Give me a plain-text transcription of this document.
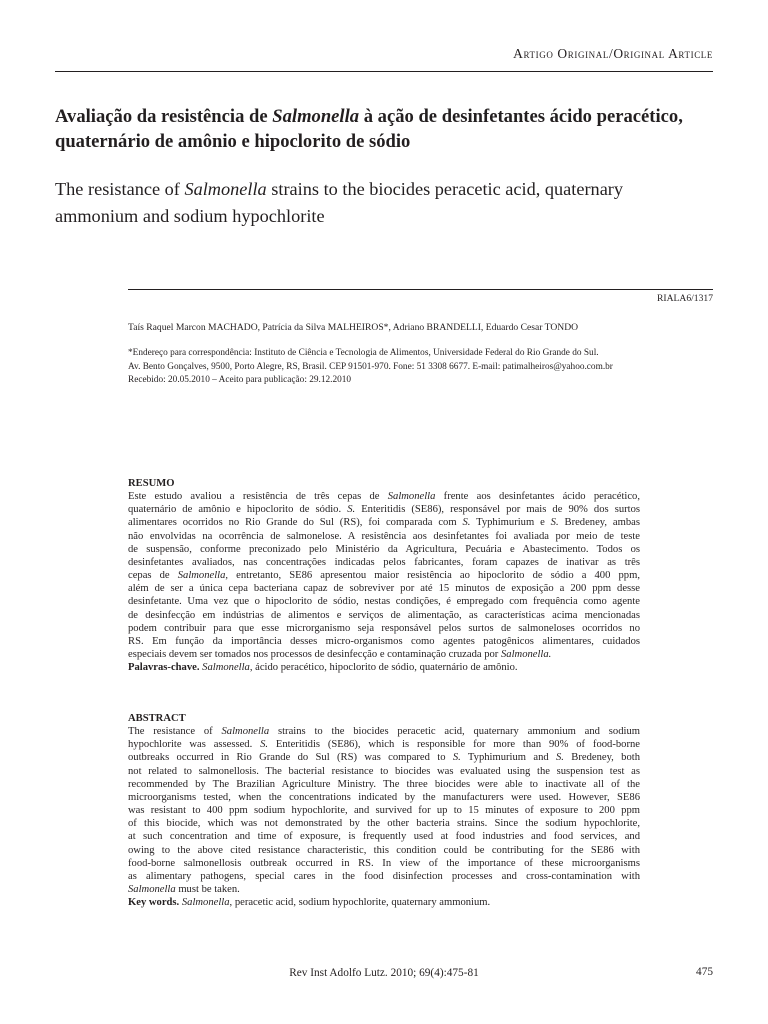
Artigo Original/Original Article
Avaliação da resistência de Salmonella à ação de desinfetantes ácido peracético,
quaternário de amônio e hipoclorito de sódio
The resistance of Salmonella strains to the biocides peracetic acid, quaternary
ammonium and sodium hypochlorite
RIALA6/1317
Taís Raquel Marcon MACHADO, Patrícia da Silva MALHEIROS*, Adriano BRANDELLI, Eduardo Cesar TONDO
*Endereço para correspondência: Instituto de Ciência e Tecnologia de Alimentos, Universidade Federal do Rio Grande do Sul.
Av. Bento Gonçalves, 9500, Porto Alegre, RS, Brasil. CEP 91501-970. Fone: 51 3308 6677. E-mail: patimalheiros@yahoo.com.br
Recebido: 20.05.2010 – Aceito para publicação: 29.12.2010
RESUMO
Este estudo avaliou a resistência de três cepas de Salmonella frente aos desinfetantes ácido peracético,
quaternário de amônio e hipoclorito de sódio. S. Enteritidis (SE86), responsável por mais de 90% dos surtos
alimentares ocorridos no Rio Grande do Sul (RS), foi comparada com S. Typhimurium e S. Bredeney, ambas
não envolvidas na ocorrência de salmonelose. A resistência aos desinfetantes foi avaliada por meio de teste
de suspensão, conforme preconizado pelo Ministério da Agricultura, Pecuária e Abastecimento. Todos os
desinfetantes avaliados, nas concentrações indicadas pelos fabricantes, foram capazes de inativar as três
cepas de Salmonella, entretanto, SE86 apresentou maior resistência ao hipoclorito de sódio a 400 ppm,
além de ser a única cepa bacteriana capaz de sobreviver por até 15 minutos de exposição a 200 ppm desse
desinfetante. Uma vez que o hipoclorito de sódio, nestas condições, é empregado com frequência como agente
de desinfecção em indústrias de alimentos e serviços de alimentação, as características acima mencionadas
podem contribuir para que esse microrganismo seja responsável pelos surtos de salmoneloses ocorridos no
RS. Em função da importância desses micro-organismos como agentes patogênicos alimentares, cuidados
especiais devem ser tomados nos processos de desinfecção e contaminação cruzada por Salmonella.
Palavras-chave. Salmonella, ácido peracético, hipoclorito de sódio, quaternário de amônio.
ABSTRACT
The resistance of Salmonella strains to the biocides peracetic acid, quaternary ammonium and sodium
hypochlorite was assessed. S. Enteritidis (SE86), which is responsible for more than 90% of food-borne
outbreaks occurred in Rio Grande do Sul (RS) was compared to S. Typhimurium and S. Bredeney, both
not related to salmonellosis. The bacterial resistance to biocides was evaluated using the suspension test as
recommended by The Brazilian Agriculture Ministry. The three biocides were able to inactivate all of the
microorganisms tested, when the concentrations indicated by the manufacturers were used. However, SE86
was resistant to 400 ppm sodium hypochlorite, and survived for up to 15 minutes of exposure to 200 ppm
of this biocide, which was not demonstrated by the other bacteria strains. Since the sodium hypochlorite,
at such concentration and time of exposure, is frequently used at food industries and food services, and
owing to the above cited resistance characteristic, this condition could be contributing for the SE86 with
food-borne salmonellosis outbreak occurred in RS. In view of the importance of these microorganisms
as alimentary pathogens, special cares in the food disinfection processes and cross-contamination with
Salmonella must be taken.
Key words. Salmonella, peracetic acid, sodium hypochlorite, quaternary ammonium.
Rev Inst Adolfo Lutz. 2010; 69(4):475-81	475
